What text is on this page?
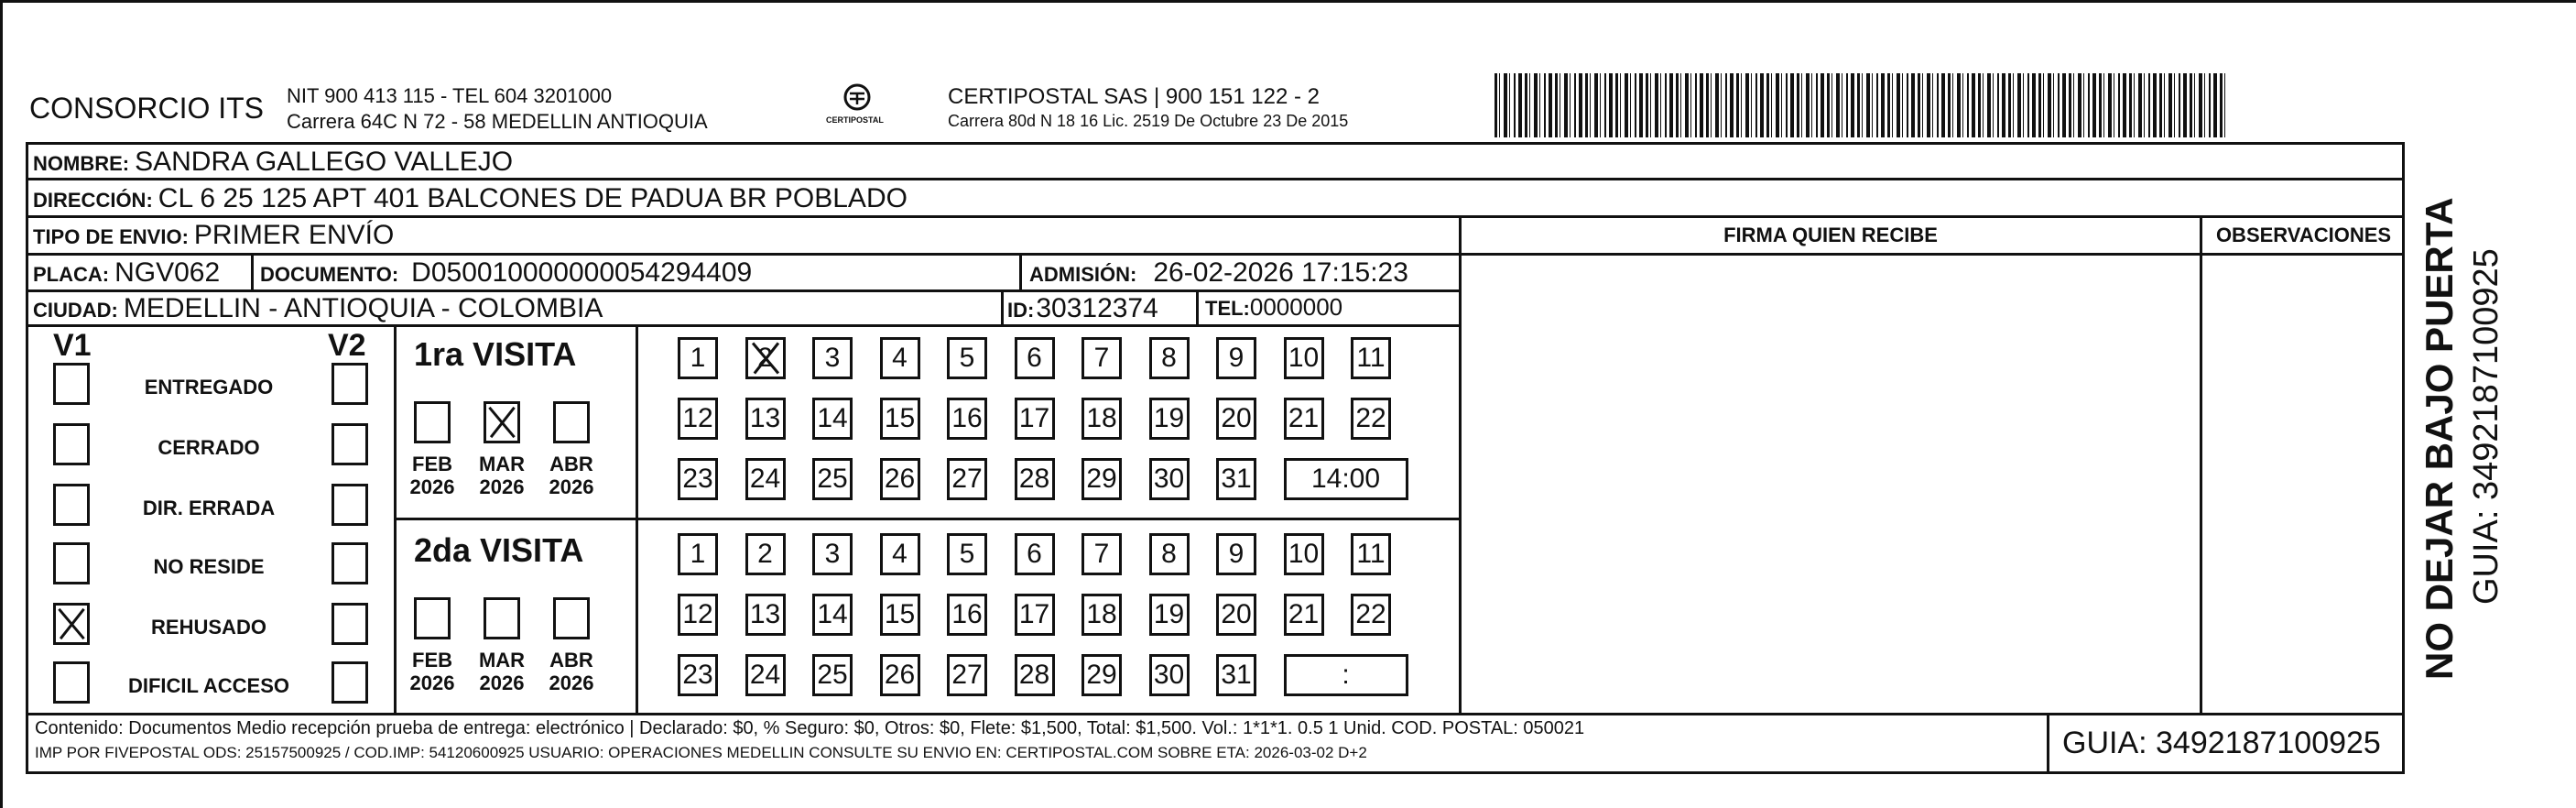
CONSORCIO ITS NIT 900 413 115 - TEL 604 3201000
Carrera 64C N 72 - 58 MEDELLIN ANTIOQUIA	CERTIPOSTAL
CERTIPOSTAL SAS | 900 151 122 - 2
Carrera 80d N 18 16 Lic. 2519 De Octubre 23 De 2015
NOMBRE: SANDRA GALLEGO VALLEJO
DIRECCIÓN: CL 6 25 125 APT 401 BALCONES DE PADUA BR POBLADO
TIPO DE ENVIO: PRIMER ENVÍO
PLACA: NGV062 DOCUMENTO: D050010000000054294409	ADMISIÓN: 26-02-2026 17:15:23
CIUDAD: MEDELLIN - ANTIOQUIA - COLOMBIA	ID: 30312374 TEL: 0000000
FIRMA QUIEN RECIBE	OBSERVACIONES
V1	V2
ENTREGADO
CERRADO
DIR. ERRADA
NO RESIDE
REHUSADO
DIFICIL ACCESO
1ra VISITA
FEB
2026
MAR
2026
ABR
2026
1	2	3	4	5	6	7	8	9	10 11
12 13 14 15 16 17 18 19 20 21 22
23 24 25 26 27 28 29 30 31	14:00
2da VISITA
FEB
2026
MAR
2026
ABR
2026
1	2	3	4	5	6	7	8	9	10 11
12 13 14 15 16 17 18 19 20 21 22
23 24 25 26 27 28 29 30 31	:
Contenido: Documentos Medio recepción prueba de entrega: electrónico | Declarado: $0, % Seguro: $0, Otros: $0, Flete: $1,500, Total: $1,500. Vol.: 1*1*1. 0.5 1 Unid. COD. POSTAL: 050021
IMP POR FIVEPOSTAL ODS: 25157500925 / COD.IMP: 54120600925 USUARIO: OPERACIONES MEDELLIN CONSULTE SU ENVIO EN: CERTIPOSTAL.COM SOBRE ETA: 2026-03-02 D+2	GUIA: 3492187100925
NO DEJAR BAJO PUERTA GUIA: 3492187100925
